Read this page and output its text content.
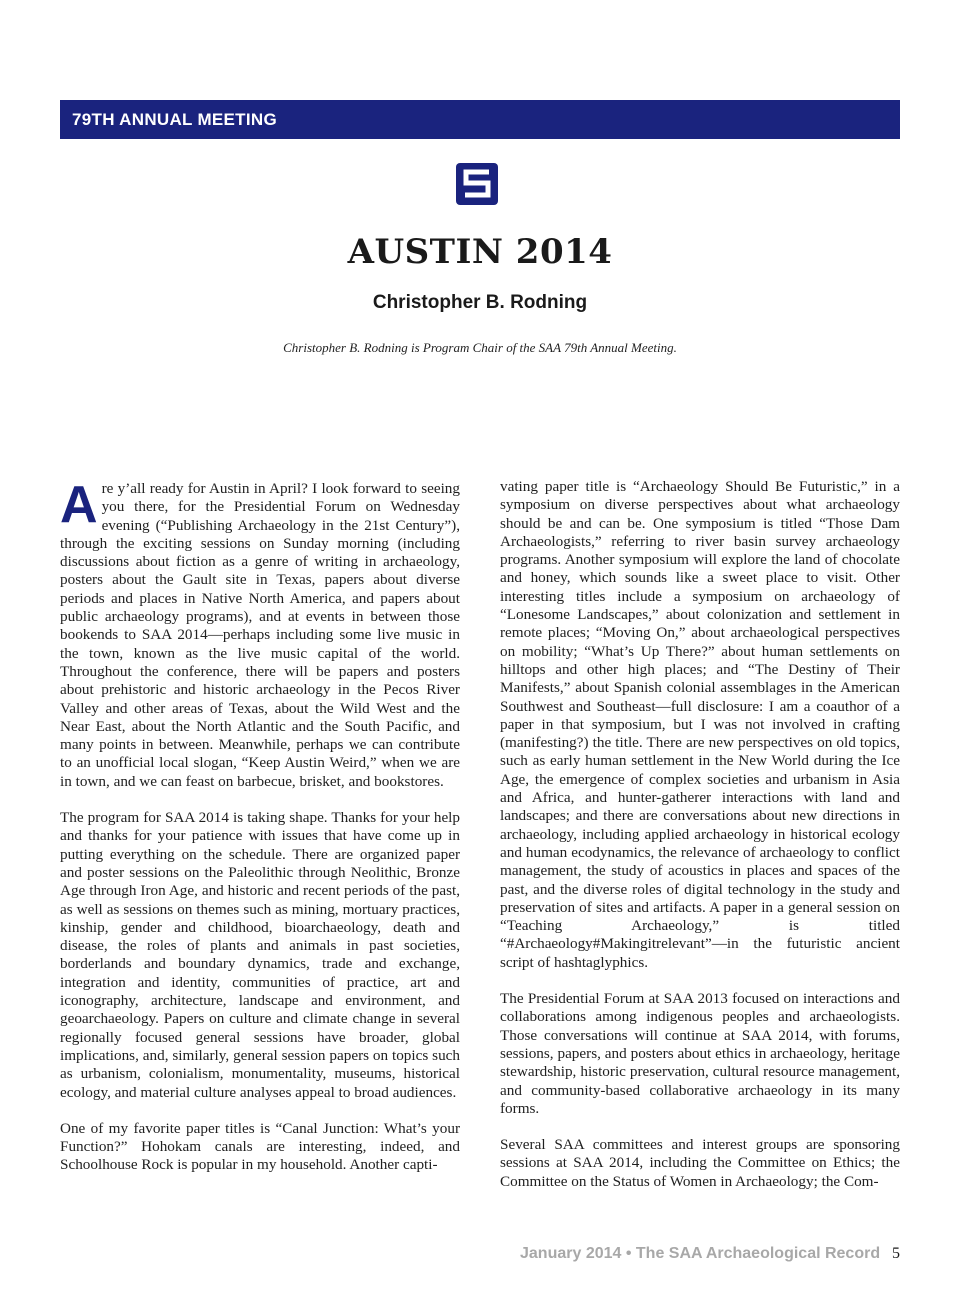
79TH ANNUAL MEETING
AUSTIN 2014
Christopher B. Rodning
Christopher B. Rodning is Program Chair of the SAA 79th Annual Meeting.

Are y’all ready for Austin in April? I look forward to seeing you there, for the Presidential Forum on Wednesday evening (“Publishing Archaeology in the 21st Century”), through the exciting sessions on Sunday morning (including discussions about fiction as a genre of writing in archaeology, posters about the Gault site in Texas, papers about diverse periods and places in Native North America, and papers about public archaeology programs), and at events in between those bookends to SAA 2014—perhaps including some live music in the town, known as the live music capital of the world. Throughout the conference, there will be papers and posters about prehistoric and historic archaeology in the Pecos River Valley and other areas of Texas, about the Wild West and the Near East, about the North Atlantic and the South Pacific, and many points in between. Meanwhile, perhaps we can contribute to an unofficial local slogan, “Keep Austin Weird,” when we are in town, and we can feast on barbecue, brisket, and bookstores.

The program for SAA 2014 is taking shape. Thanks for your help and thanks for your patience with issues that have come up in putting everything on the schedule. There are organized paper and poster sessions on the Paleolithic through Neolithic, Bronze Age through Iron Age, and historic and recent periods of the past, as well as sessions on themes such as mining, mortuary practices, kinship, gender and childhood, bioarchaeology, death and disease, the roles of plants and animals in past societies, borderlands and boundary dynamics, trade and exchange, integration and identity, communities of practice, art and iconography, architecture, landscape and environment, and geoarchaeology. Papers on culture and climate change in several regionally focused general sessions have broader, global implications, and, similarly, general session papers on topics such as urbanism, colonialism, monumentality, museums, historical ecology, and material culture analyses appeal to broad audiences.

One of my favorite paper titles is “Canal Junction: What’s your Function?” Hohokam canals are interesting, indeed, and Schoolhouse Rock is popular in my household. Another capti-

vating paper title is “Archaeology Should Be Futuristic,” in a symposium on diverse perspectives about what archaeology should be and can be. One symposium is titled “Those Dam Archaeologists,” referring to river basin survey archaeology programs. Another symposium will explore the land of chocolate and honey, which sounds like a sweet place to visit. Other interesting titles include a symposium on archaeology of “Lonesome Landscapes,” about colonization and settlement in remote places; “Moving On,” about archaeological perspectives on mobility; “What’s Up There?” about human settlements on hilltops and other high places; and “The Destiny of Their Manifests,” about Spanish colonial assemblages in the American Southwest and Southeast—full disclosure: I am a coauthor of a paper in that symposium, but I was not involved in crafting (manifesting?) the title. There are new perspectives on old topics, such as early human settlement in the New World during the Ice Age, the emergence of complex societies and urbanism in Asia and Africa, and hunter-gatherer interactions with land and landscapes; and there are conversations about new directions in archaeology, including applied archaeology in historical ecology and human ecodynamics, the relevance of archaeology to conflict management, the study of acoustics in places and spaces of the past, and the diverse roles of digital technology in the study and preservation of sites and artifacts. A paper in a general session on “Teaching Archaeology,” is titled “#Archaeology#Makingitrelevant”—in the futuristic ancient script of hashtaglyphics.

The Presidential Forum at SAA 2013 focused on interactions and collaborations among indigenous peoples and archaeologists. Those conversations will continue at SAA 2014, with forums, sessions, papers, and posters about ethics in archaeology, heritage stewardship, historic preservation, cultural resource management, and community-based collaborative archaeology in its many forms.

Several SAA committees and interest groups are sponsoring sessions at SAA 2014, including the Committee on Ethics; the Committee on the Status of Women in Archaeology; the Com-

January 2014 • The SAA Archaeological Record 5
